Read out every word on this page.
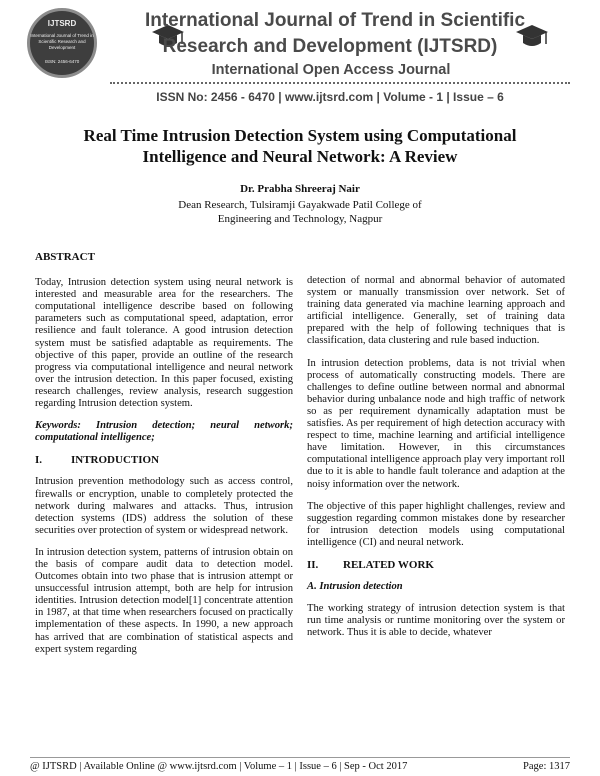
IJTSRD
International Journal of Trend in Scientific Research and Development
ISSN: 2456-6470
International Journal of Trend in Scientific
Research and Development (IJTSRD)
International Open Access Journal
ISSN No: 2456 - 6470 | www.ijtsrd.com | Volume - 1 | Issue – 6
Real Time Intrusion Detection System using Computational
Intelligence and Neural Network: A Review
Dr. Prabha Shreeraj Nair
Dean Research, Tulsiramji Gayakwade Patil College of
Engineering and Technology, Nagpur
ABSTRACT

Today, Intrusion detection system using neural network is interested and measurable area for the researchers. The computational intelligence describe based on following parameters such as computational speed, adaptation, error resilience and fault tolerance. A good intrusion detection system must be satisfied adaptable as requirements. The objective of this paper, provide an outline of the research progress via computational intelligence and neural network over the intrusion detection. In this paper focused, existing research challenges, review analysis, research suggestion regarding Intrusion detection system.

Keywords: Intrusion detection; neural network; computational intelligence;

I.	INTRODUCTION

Intrusion prevention methodology such as access control, firewalls or encryption, unable to completely protected the network during malwares and attacks. Thus, intrusion detection systems (IDS) address the solution of these securities over protection of system or widespread network.

In intrusion detection system, patterns of intrusion obtain on the basis of compare audit data to detection model. Outcomes obtain into two phase that is intrusion attempt or unsuccessful intrusion attempt, both are help for intrusion identities. Intrusion detection model[1] concentrate attention in 1987, at that time when researchers focused on practically implementation of these aspects. In 1990, a new approach has arrived that are combination of statistical aspects and expert system regarding

detection of normal and abnormal behavior of automated system or manually transmission over network. Set of training data generated via machine learning approach and artificial intelligence. Generally, set of training data prepared with the help of following techniques that is classification, data clustering and rule based induction.

In intrusion detection problems, data is not trivial when process of automatically constructing models. There are challenges to define outline between normal and abnormal behavior during unbalance node and high traffic of network so as per requirement dynamically adaptation must be satisfies. As per requirement of high detection accuracy with respect to time, machine learning and artificial intelligence have limitation. However, in this circumstances computational intelligence approach play very important roll due to it is able to handle fault tolerance and adaption at the noisy information over the network.

The objective of this paper highlight challenges, review and suggestion regarding common mistakes done by researcher for intrusion detection models using computational intelligence (CI) and neural network.

II. RELATED WORK
A. Intrusion detection

The working strategy of intrusion detection system is that run time analysis or runtime monitoring over the system or network. Thus it is able to decide, whatever

@ IJTSRD | Available Online @ www.ijtsrd.com | Volume – 1 | Issue – 6 | Sep - Oct 2017	Page: 1317
